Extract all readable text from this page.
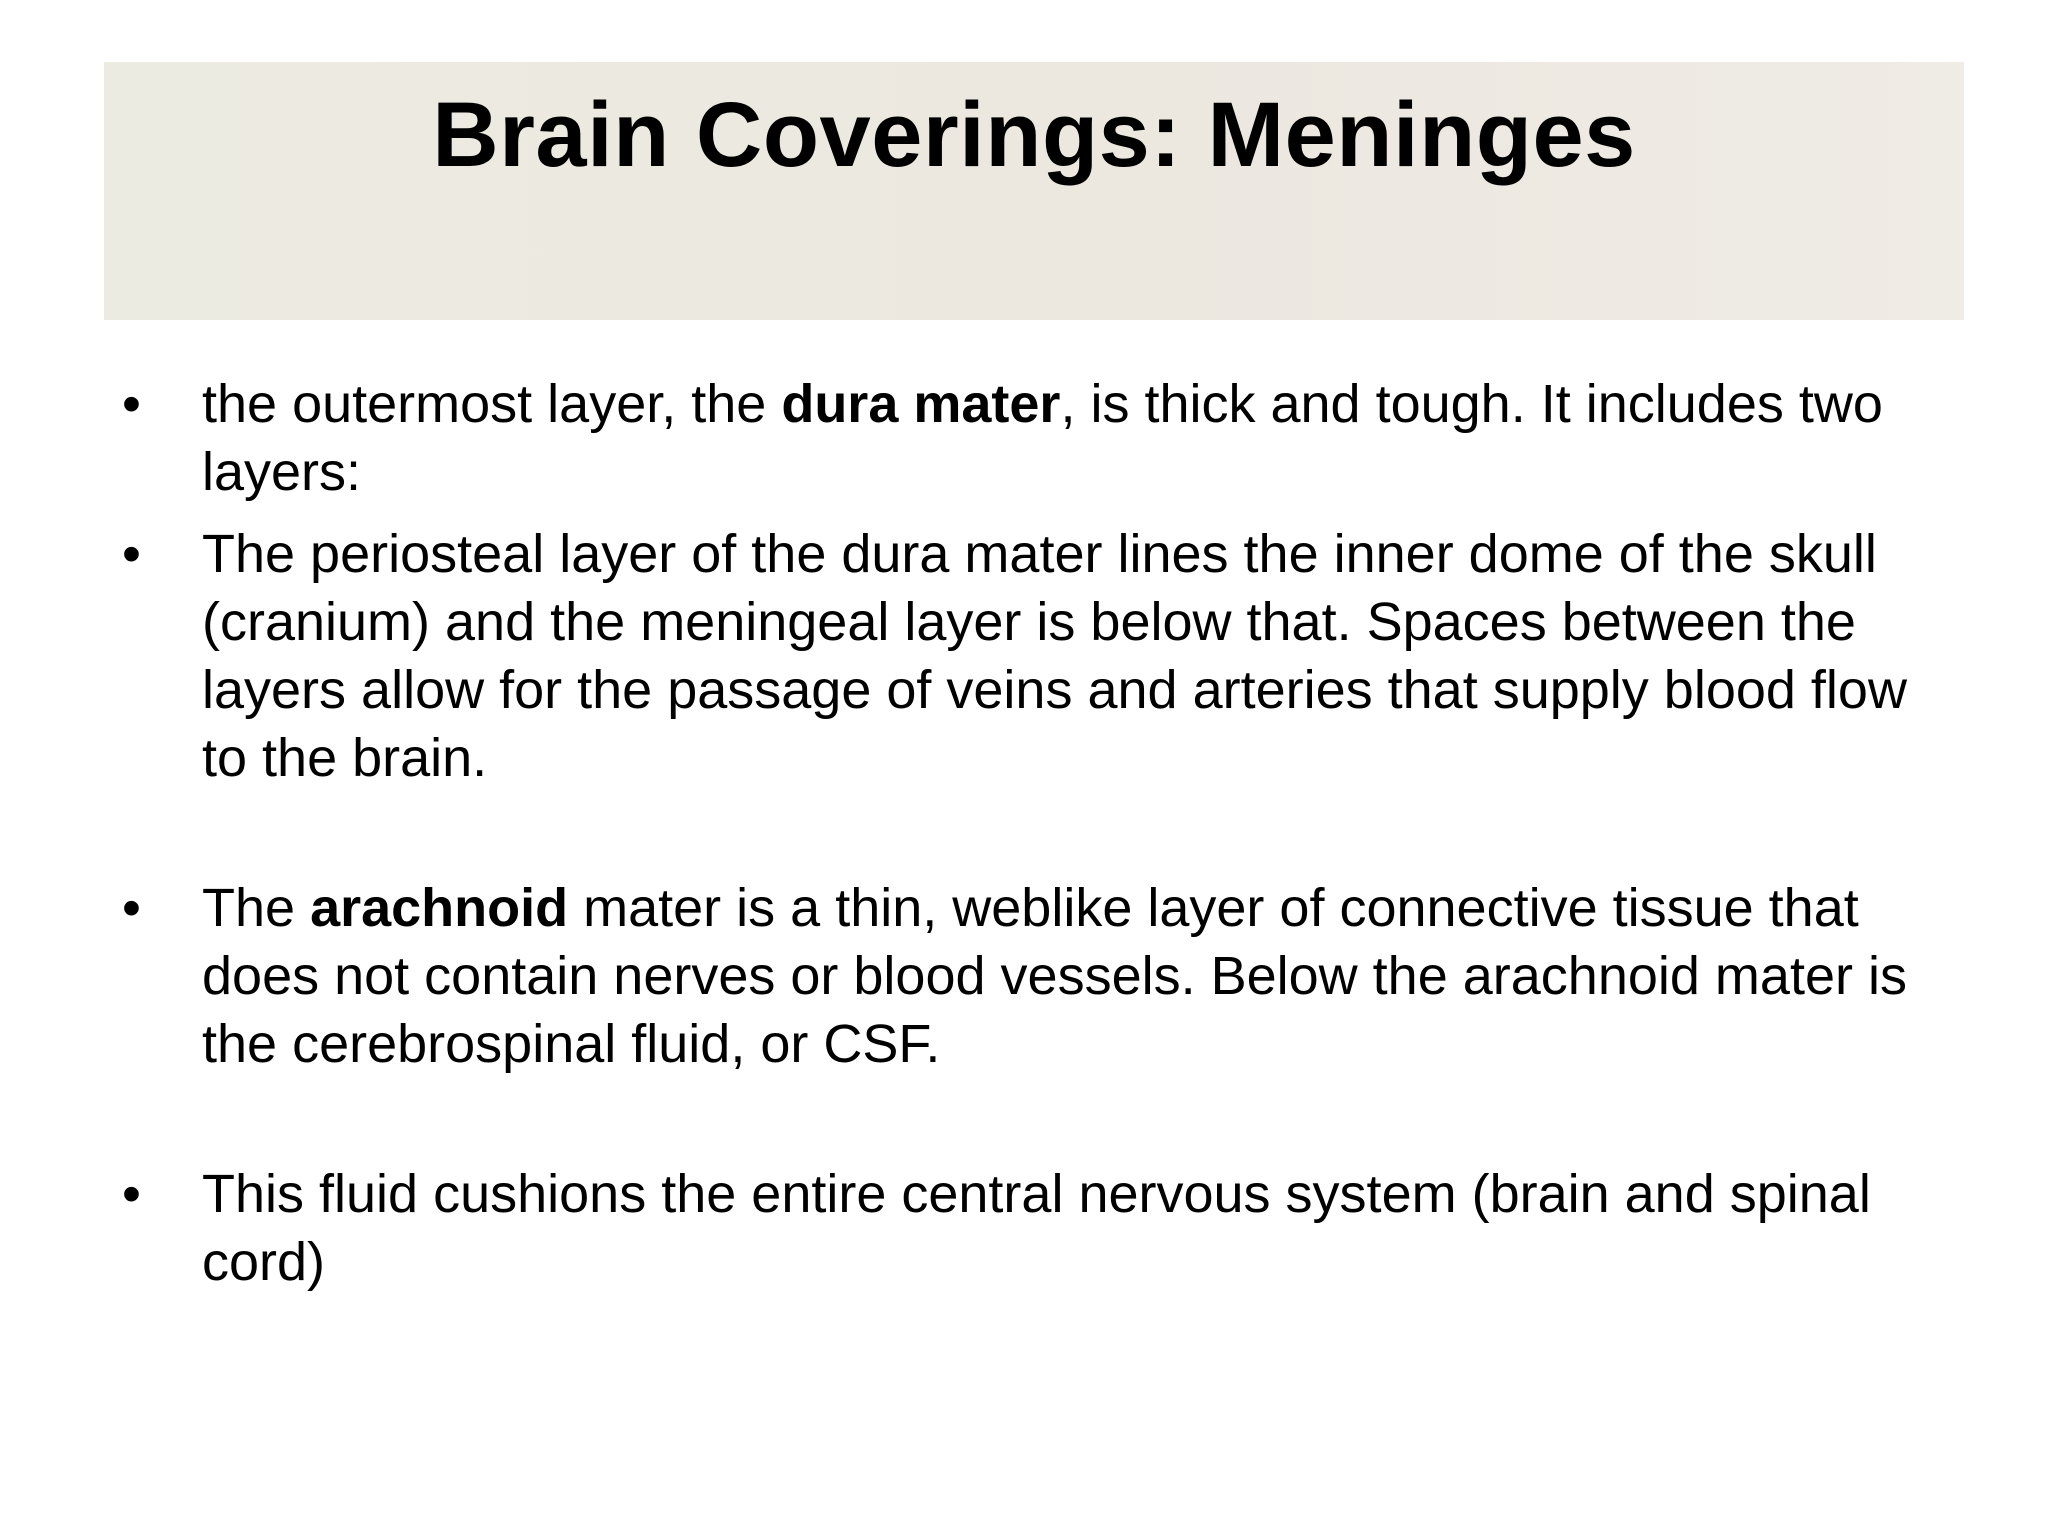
Brain Coverings: Meninges
• the outermost layer, the dura mater, is thick and tough. It includes two layers:
• The periosteal layer of the dura mater lines the inner dome of the skull (cranium) and the meningeal layer is below that. Spaces between the layers allow for the passage of veins and arteries that supply blood flow to the brain.
• The arachnoid mater is a thin, weblike layer of connective tissue that does not contain nerves or blood vessels. Below the arachnoid mater is the cerebrospinal fluid, or CSF.
• This fluid cushions the entire central nervous system (brain and spinal cord)
